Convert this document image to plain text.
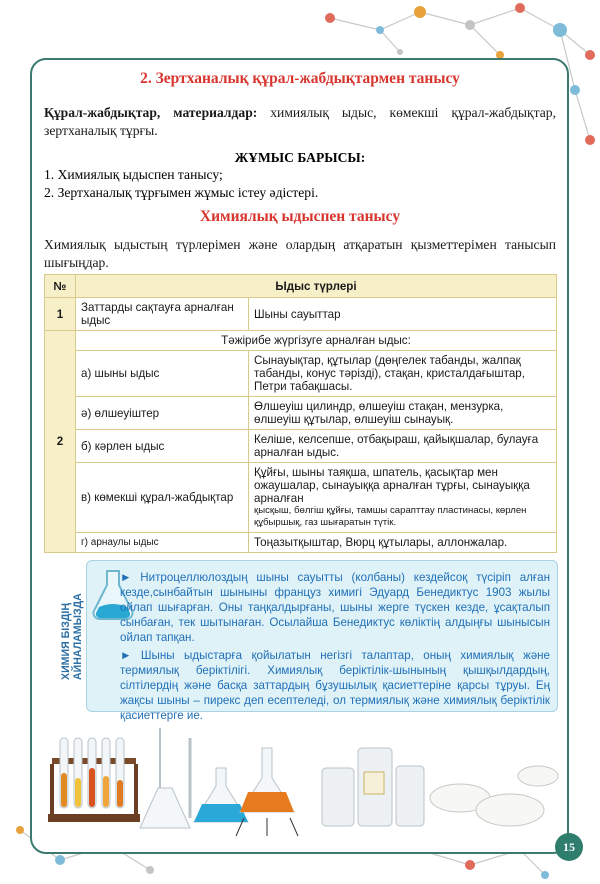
2. Зертханалық құрал-жабдықтармен танысу
Құрал-жабдықтар, материалдар: химиялық ыдыс, көмекші құрал-жабдықтар, зертханалық тұрғы.
ЖҰМЫС БАРЫСЫ:
1. Химиялық ыдыспен танысу;
2. Зертханалық тұрғымен жұмыс істеу әдістері.
Химиялық ыдыспен танысу
Химиялық ыдыстың түрлерімен және олардың атқаратын қызметтерімен танысып шығыңдар.
№	Ыдыс түрлері	
1	Заттарды сақтауға арналған ыдыс	Шыны сауыттар
2	Тәжірибе жүргізуге арналған ыдыс:	
	а) шыны ыдыс	Сынауықтар, құтылар (дөңгелек табанды, жалпақ табанды, конус тәрізді), стақан, кристалдағыштар, Петри табақшасы.
	ә) өлшеуіштер	Өлшеуіш цилиндр, өлшеуіш стақан, мензурка, өлшеуіш құтылар, өлшеуіш сынауық.
	б) кәрлен ыдыс	Келіше, келсепше, отбақыраш, қайықшалар, булауға арналған ыдыс.
	в) көмекші құрал-жабдықтар	Құйғы, шыны таяқша, шпатель, қасықтар мен ожаушалар, сынауыққа арналған тұрғы, сынауыққа арналған
қысқыш, бөлгіш құйғы, тамшы сарапттау пластинасы, көрлен құбыршық, газ шығаратын түтік.

	г) арнаулы ыдыс	Тоңазытқыштар, Вюрц құтылары, аллонжалар.
ХИМИЯ БІЗДІҢ АЙНАЛАМЫЗДА
► Нитроцеллюлоздың шыны сауытты (колбаны) кездейсоқ түсіріп алған кезде,сынбайтын шыныны француз химигі Эдуард Бенедиктус 1903 жылы ойлап шығарған. Оны таңқалдырғаны, шыны жерге түскен кезде, ұсақталып сынбаған, тек шытынаған. Осылайша Бенедиктус көліктің алдыңғы шынысын ойлап тапқан.
► Шыны ыдыстарға қойылатын негізгі талаптар, оның химиялық және термиялық беріктілігі. Химиялық беріктілік-шынының қышқылдардың, сілтілердің және басқа заттардың бұзушылық қасиеттеріне қарсы тұруы. Ең жақсы шыны – пирекс деп есептеледі, ол термиялық және химиялық беріктілік қасиеттерге ие.
15
